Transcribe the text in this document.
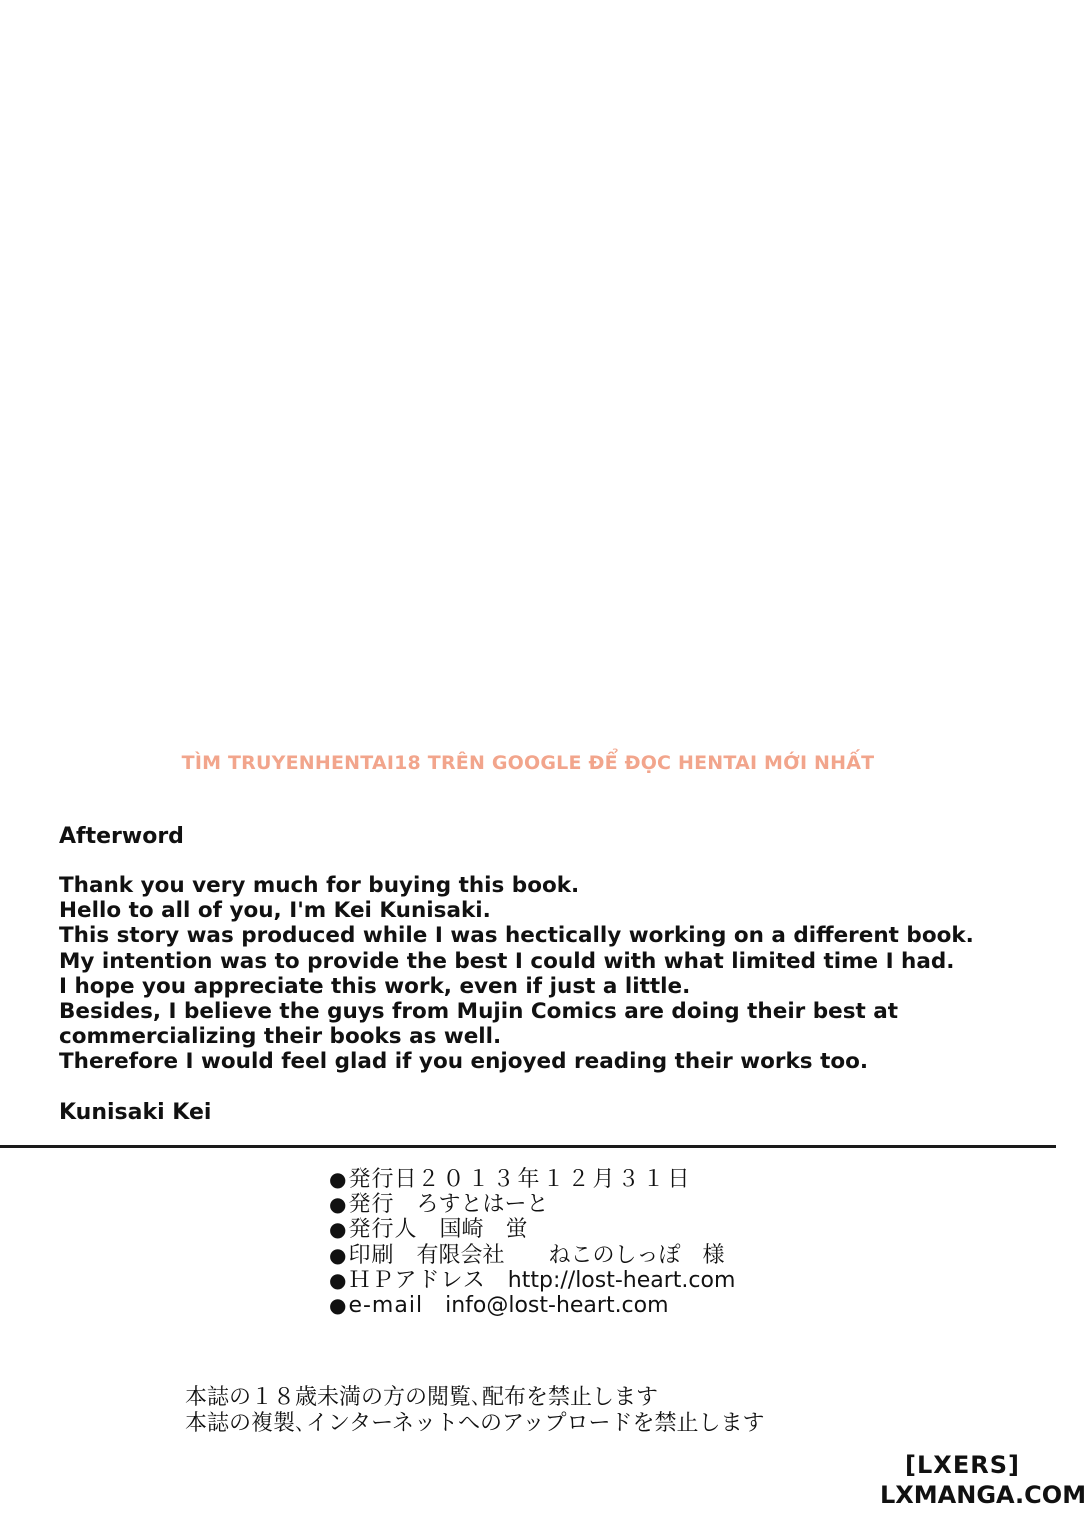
TÌM TRUYENHENTAI18 TRÊN GOOGLE ĐỂ ĐỌC HENTAI MỚI NHẤT
Afterword
Thank you very much for buying this book.
Hello to all of you, I'm Kei Kunisaki.
This story was produced while I was hectically working on a different book.
My intention was to provide the best I could with what limited time I had.
I hope you appreciate this work, even if just a little.
Besides, I believe the guys from Mujin Comics are doing their best at
commercializing their books as well.
Therefore I would feel glad if you enjoyed reading their works too.
Kunisaki Kei
● 発行日 ２０１３年１２月３１日
● 発行 ろすとはーと
● 発行人 国崎　蛍
● 印刷 有限会社　　ねこのしっぽ　様
● ＨＰアドレス http://lost-heart.com
● e-mail info@lost-heart.com
本誌の１８歳未満の方の閲覧､配布を禁止します
本誌の複製､インターネットへのアップロードを禁止します
[LXERS]
LXMANGA.COM
